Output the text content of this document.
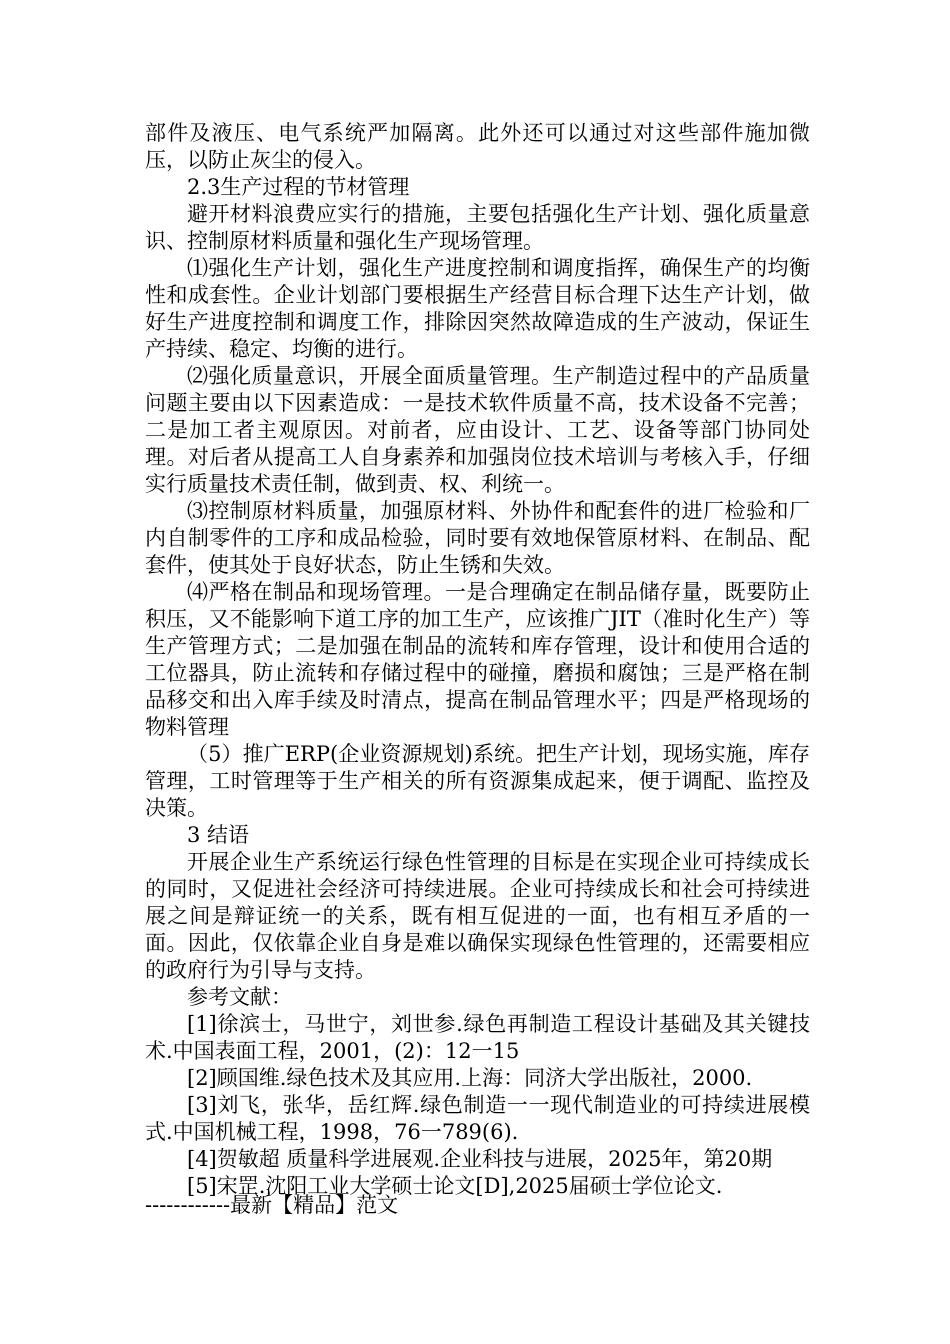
部件及液压、电气系统严加隔离。此外还可以通过对这些部件施加微压，以防止灰尘的侵入。

2.3生产过程的节材管理

避开材料浪费应实行的措施，主要包括强化生产计划、强化质量意识、控制原材料质量和强化生产现场管理。

⑴强化生产计划，强化生产进度控制和调度指挥，确保生产的均衡性和成套性。企业计划部门要根据生产经营目标合理下达生产计划，做好生产进度控制和调度工作，排除因突然故障造成的生产波动，保证生产持续、稳定、均衡的进行。

⑵强化质量意识，开展全面质量管理。生产制造过程中的产品质量问题主要由以下因素造成：一是技术软件质量不高，技术设备不完善；二是加工者主观原因。对前者，应由设计、工艺、设备等部门协同处理。对后者从提高工人自身素养和加强岗位技术培训与考核入手，仔细实行质量技术责任制，做到责、权、利统一。

⑶控制原材料质量，加强原材料、外协件和配套件的进厂检验和厂内自制零件的工序和成品检验，同时要有效地保管原材料、在制品、配套件，使其处于良好状态，防止生锈和失效。

⑷严格在制品和现场管理。一是合理确定在制品储存量，既要防止积压，又不能影响下道工序的加工生产，应该推广JIT（准时化生产）等生产管理方式；二是加强在制品的流转和库存管理，设计和使用合适的工位器具，防止流转和存储过程中的碰撞，磨损和腐蚀；三是严格在制品移交和出入库手续及时清点，提高在制品管理水平；四是严格现场的物料管理

（5）推广ERP(企业资源规划)系统。把生产计划，现场实施，库存管理，工时管理等于生产相关的所有资源集成起来，便于调配、监控及决策。

3 结语

开展企业生产系统运行绿色性管理的目标是在实现企业可持续成长的同时，又促进社会经济可持续进展。企业可持续成长和社会可持续进展之间是辩证统一的关系，既有相互促进的一面，也有相互矛盾的一面。因此，仅依靠企业自身是难以确保实现绿色性管理的，还需要相应的政府行为引导与支持。

参考文献：

[1]徐滨士，马世宁，刘世参.绿色再制造工程设计基础及其关键技术.中国表面工程，2001，(2)：12一15

[2]顾国维.绿色技术及其应用.上海：同济大学出版社，2000.

[3]刘飞，张华，岳红辉.绿色制造一一现代制造业的可持续进展模式.中国机械工程，1998，76一789(6).

[4]贺敏超 质量科学进展观.企业科技与进展，2025年，第20期

[5]宋罡.沈阳工业大学硕士论文[D],2025届硕士学位论文.

------------最新【精品】范文
